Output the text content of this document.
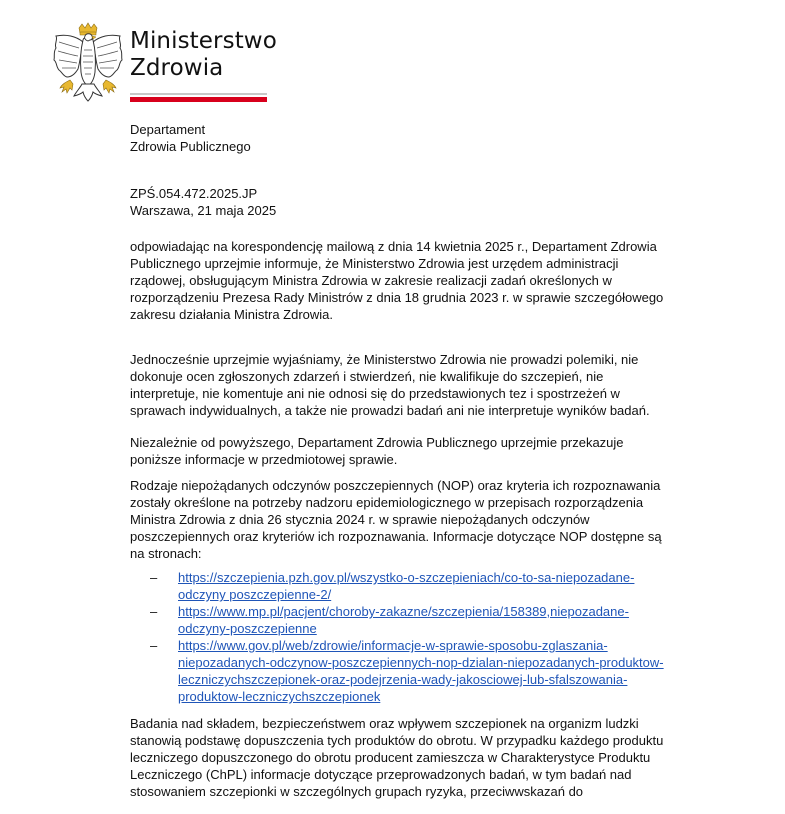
Ministerstwo
Zdrowia

Departament

Zdrowia Publicznego

ZPŚ.054.472.2025.JP

Warszawa, 21 maja 2025

odpowiadając na korespondencję mailową z dnia 14 kwietnia 2025 r., Departament Zdrowia Publicznego uprzejmie informuje, że Ministerstwo Zdrowia jest urzędem administracji rządowej, obsługującym Ministra Zdrowia w zakresie realizacji zadań określonych w rozporządzeniu Prezesa Rady Ministrów z dnia 18 grudnia 2023 r. w sprawie szczegółowego zakresu działania Ministra Zdrowia.

Jednocześnie uprzejmie wyjaśniamy, że Ministerstwo Zdrowia nie prowadzi polemiki, nie dokonuje ocen zgłoszonych zdarzeń i stwierdzeń, nie kwalifikuje do szczepień, nie interpretuje, nie komentuje ani nie odnosi się do przedstawionych tez i spostrzeżeń w sprawach indywidualnych, a także nie prowadzi badań ani nie interpretuje wyników badań.

Niezależnie od powyższego, Departament Zdrowia Publicznego uprzejmie przekazuje poniższe informacje w przedmiotowej sprawie.

Rodzaje niepożądanych odczynów poszczepiennych (NOP) oraz kryteria ich rozpoznawania zostały określone na potrzeby nadzoru epidemiologicznego w przepisach rozporządzenia Ministra Zdrowia z dnia 26 stycznia 2024 r. w sprawie niepożądanych odczynów poszczepiennych oraz kryteriów ich rozpoznawania. Informacje dotyczące NOP dostępne są na stronach:

– https://szczepienia.pzh.gov.pl/wszystko-o-szczepieniach/co-to-sa-niepozadane-odczyny poszczepienne-2/
– https://www.mp.pl/pacjent/choroby-zakazne/szczepienia/158389,niepozadane-odczyny-poszczepienne
– https://www.gov.pl/web/zdrowie/informacje-w-sprawie-sposobu-zglaszania-niepozadanych-odczynow-poszczepiennych-nop-dzialan-niepozadanych-produktow-leczniczychszczepionek-oraz-podejrzenia-wady-jakosciowej-lub-sfalszowania-produktow-leczniczychszczepionek

Badania nad składem, bezpieczeństwem oraz wpływem szczepionek na organizm ludzki stanowią podstawę dopuszczenia tych produktów do obrotu. W przypadku każdego produktu leczniczego dopuszczonego do obrotu producent zamieszcza w Charakterystyce Produktu Leczniczego (ChPL) informacje dotyczące przeprowadzonych badań, w tym badań nad stosowaniem szczepionki w szczególnych grupach ryzyka, przeciwwskazań do
